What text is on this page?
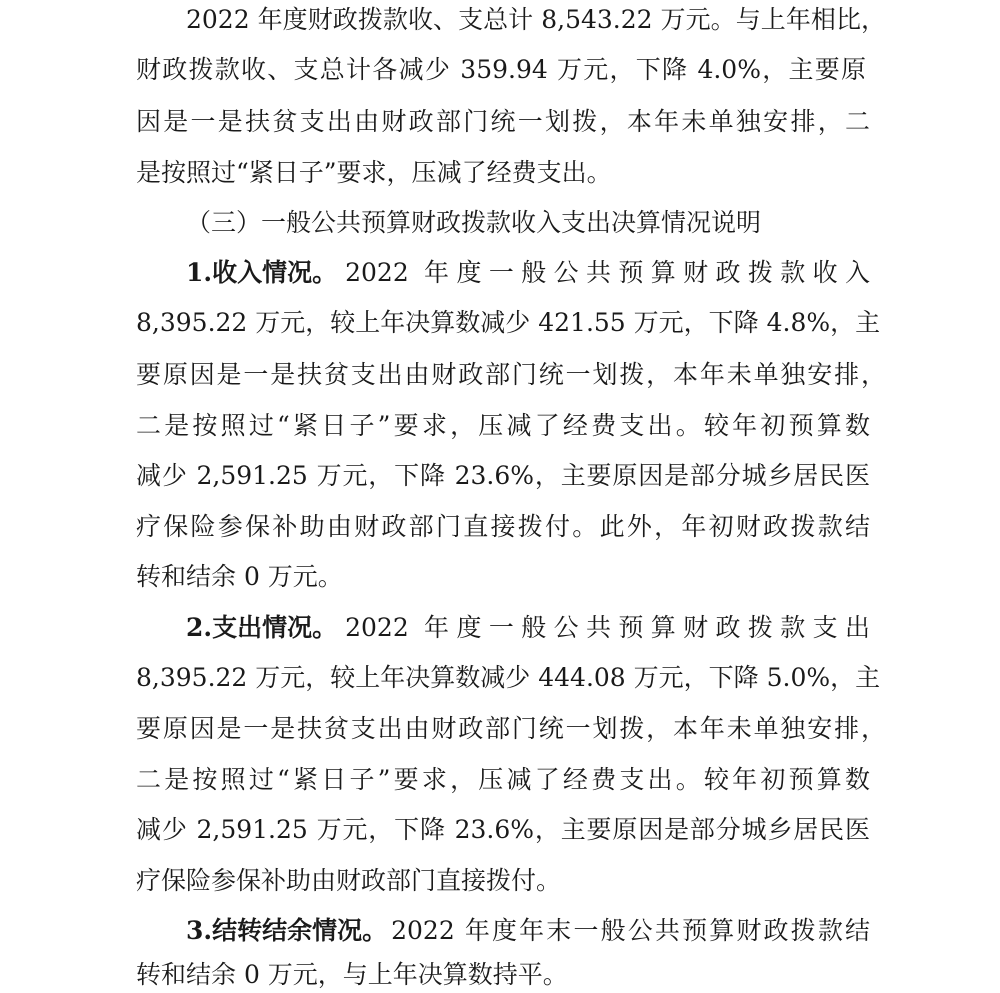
2022 年度财政拨款收、支总计 8,543.22 万元。与上年相比，
财政拨款收、支总计各减少 359.94 万元，下降 4.0%，主要原
因是一是扶贫支出由财政部门统一划拨，本年未单独安排，二
是按照过“紧日子”要求，压减了经费支出。
（三）一般公共预算财政拨款收入支出决算情况说明
1.收入情况。 2022 年度一般公共预算财政拨款收入
8,395.22 万元，较上年决算数减少 421.55 万元，下降 4.8%，主
要原因是一是扶贫支出由财政部门统一划拨，本年未单独安排，
二是按照过“紧日子”要求，压减了经费支出。较年初预算数
减少 2,591.25 万元，下降 23.6%，主要原因是部分城乡居民医
疗保险参保补助由财政部门直接拨付。此外，年初财政拨款结
转和结余 0 万元。
2.支出情况。 2022 年度一般公共预算财政拨款支出
8,395.22 万元，较上年决算数减少 444.08 万元，下降 5.0%，主
要原因是一是扶贫支出由财政部门统一划拨，本年未单独安排，
二是按照过“紧日子”要求，压减了经费支出。较年初预算数
减少 2,591.25 万元，下降 23.6%，主要原因是部分城乡居民医
疗保险参保补助由财政部门直接拨付。
3.结转结余情况。 2022 年度年末一般公共预算财政拨款结
转和结余 0 万元，与上年决算数持平。
